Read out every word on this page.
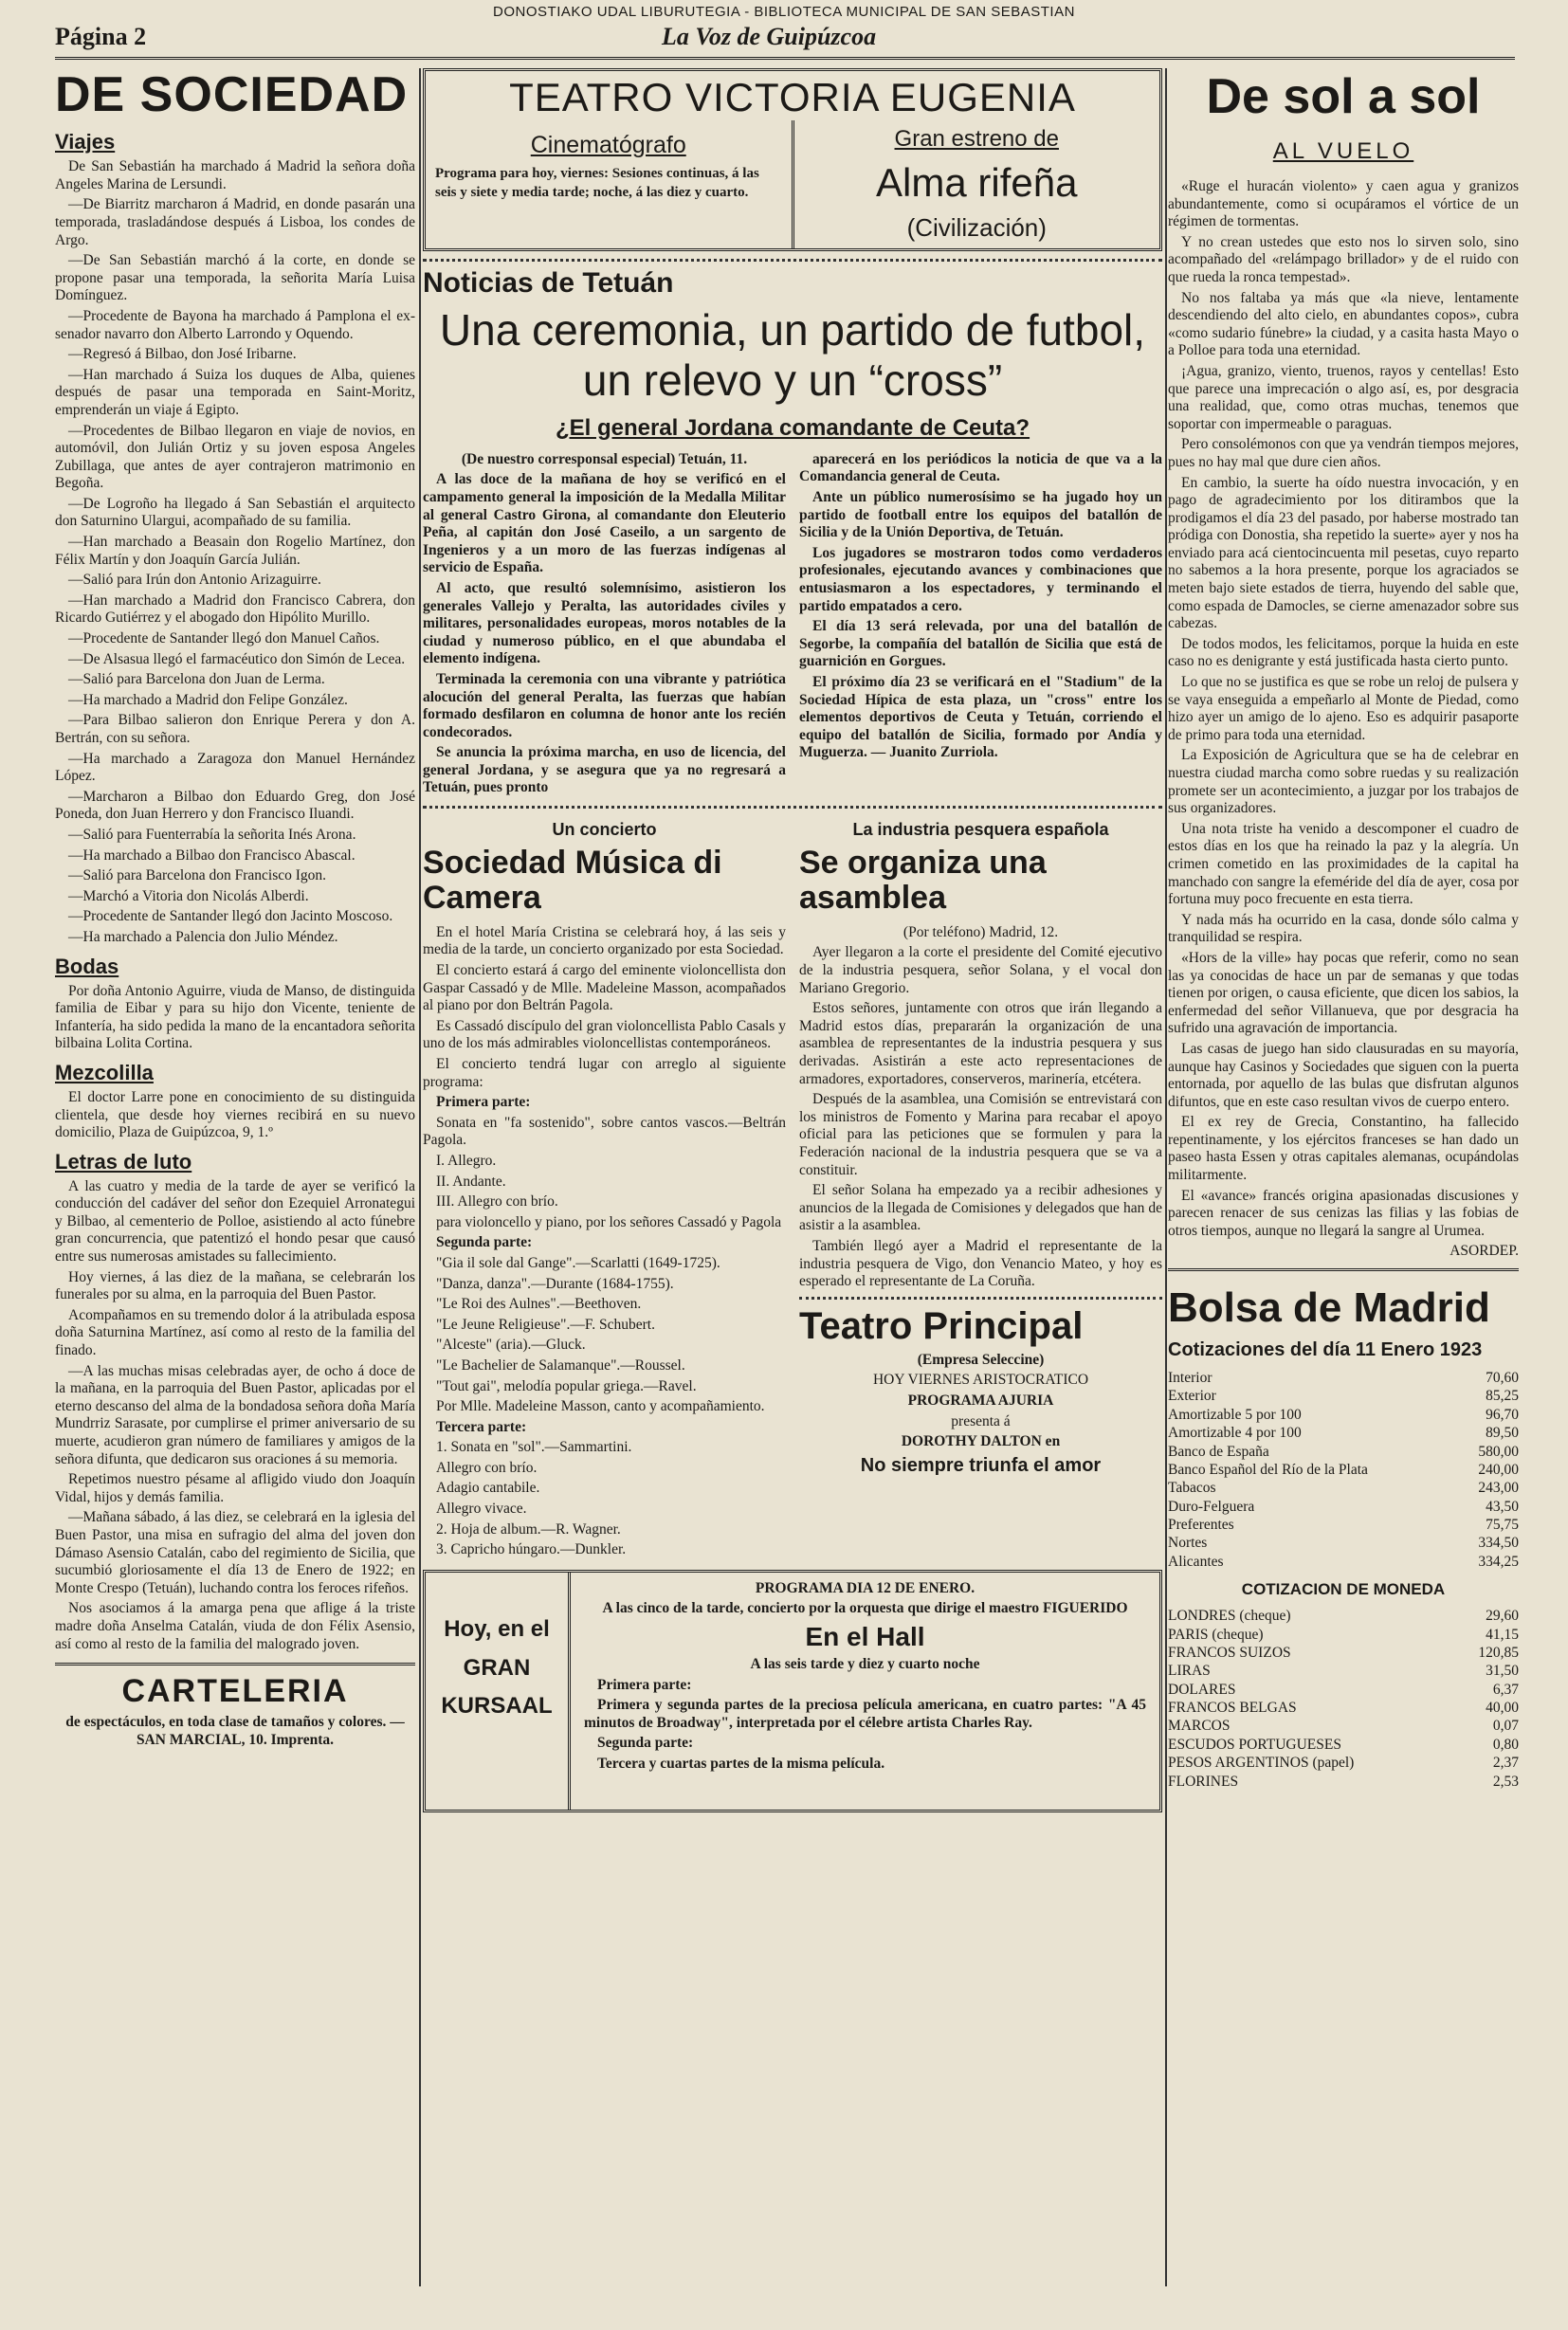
DONOSTIAKO UDAL LIBURUTEGIA - BIBLIOTECA MUNICIPAL DE SAN SEBASTIAN
Página 2	La Voz de Guipúzcoa
DE SOCIEDAD
Viajes

De San Sebastián ha marchado á Madrid la señora doña Angeles Marina de Lersundi.

—De Biarritz marcharon á Madrid, en donde pasarán una temporada, trasladándose después á Lisboa, los condes de Argo.

—De San Sebastián marchó á la corte, en donde se propone pasar una temporada, la señorita María Luisa Domínguez.

—Procedente de Bayona ha marchado á Pamplona el ex-senador navarro don Alberto Larrondo y Oquendo.

—Regresó á Bilbao, don José Iribarne.

—Han marchado á Suiza los duques de Alba, quienes después de pasar una temporada en Saint-Moritz, emprenderán un viaje á Egipto.

—Procedentes de Bilbao llegaron en viaje de novios, en automóvil, don Julián Ortiz y su joven esposa Angeles Zubillaga, que antes de ayer contrajeron matrimonio en Begoña.

—De Logroño ha llegado á San Sebastián el arquitecto don Saturnino Ulargui, acompañado de su familia.

—Han marchado a Beasain don Rogelio Martínez, don Félix Martín y don Joaquín García Julián.

—Salió para Irún don Antonio Arizaguirre.

—Han marchado a Madrid don Francisco Cabrera, don Ricardo Gutiérrez y el abogado don Hipólito Murillo.

—Procedente de Santander llegó don Manuel Caños.

—De Alsasua llegó el farmacéutico don Simón de Lecea.

—Salió para Barcelona don Juan de Lerma.

—Ha marchado a Madrid don Felipe González.

—Para Bilbao salieron don Enrique Perera y don A. Bertrán, con su señora.

—Ha marchado a Zaragoza don Manuel Hernández López.

—Marcharon a Bilbao don Eduardo Greg, don José Poneda, don Juan Herrero y don Francisco Iluandi.

—Salió para Fuenterrabía la señorita Inés Arona.

—Ha marchado a Bilbao don Francisco Abascal.

—Salió para Barcelona don Francisco Igon.

—Marchó a Vitoria don Nicolás Alberdi.

—Procedente de Santander llegó don Jacinto Moscoso.

—Ha marchado a Palencia don Julio Méndez.

Bodas

Por doña Antonio Aguirre, viuda de Manso, de distinguida familia de Eibar y para su hijo don Vicente, teniente de Infantería, ha sido pedida la mano de la encantadora señorita bilbaina Lolita Cortina.

Mezcolilla

El doctor Larre pone en conocimiento de su distinguida clientela, que desde hoy viernes recibirá en su nuevo domicilio, Plaza de Guipúzcoa, 9, 1.º

Letras de luto

A las cuatro y media de la tarde de ayer se verificó la conducción del cadáver del señor don Ezequiel Arronategui y Bilbao, al cementerio de Polloe, asistiendo al acto fúnebre gran concurrencia, que patentizó el hondo pesar que causó entre sus numerosas amistades su fallecimiento.

Hoy viernes, á las diez de la mañana, se celebrarán los funerales por su alma, en la parroquia del Buen Pastor.

Acompañamos en su tremendo dolor á la atribulada esposa doña Saturnina Martínez, así como al resto de la familia del finado.

—A las muchas misas celebradas ayer, de ocho á doce de la mañana, en la parroquia del Buen Pastor, aplicadas por el eterno descanso del alma de la bondadosa señora doña María Mundrriz Sarasate, por cumplirse el primer aniversario de su muerte, acudieron gran número de familiares y amigos de la señora difunta, que dedicaron sus oraciones á su memoria.

Repetimos nuestro pésame al afligido viudo don Joaquín Vidal, hijos y demás familia.

—Mañana sábado, á las diez, se celebrará en la iglesia del Buen Pastor, una misa en sufragio del alma del joven don Dámaso Asensio Catalán, cabo del regimiento de Sicilia, que sucumbió gloriosamente el día 13 de Enero de 1922; en Monte Crespo (Tetuán), luchando contra los feroces rifeños.

Nos asociamos á la amarga pena que aflige á la triste madre doña Anselma Catalán, viuda de don Félix Asensio, así como al resto de la familia del malogrado joven.

CARTELERIA

de espectáculos, en toda clase de tamaños y colores. — SAN MARCIAL, 10. Imprenta.

TEATRO VICTORIA EUGENIA
Cinematógrafo
Programa para hoy, viernes: Sesiones continuas, á las seis y siete y media tarde; noche, á las diez y cuarto.
Gran estreno de
Alma rifeña
(Civilización)
Noticias de Tetuán
Una ceremonia, un partido de futbol, un relevo y un “cross”
¿El general Jordana comandante de Ceuta?

(De nuestro corresponsal especial) Tetuán, 11.

A las doce de la mañana de hoy se verificó en el campamento general la imposición de la Medalla Militar al general Castro Girona, al comandante don Eleuterio Peña, al capitán don José Caseilo, a un sargento de Ingenieros y a un moro de las fuerzas indígenas al servicio de España.

Al acto, que resultó solemnísimo, asistieron los generales Vallejo y Peralta, las autoridades civiles y militares, personalidades europeas, moros notables de la ciudad y numeroso público, en el que abundaba el elemento indígena.

Terminada la ceremonia con una vibrante y patriótica alocución del general Peralta, las fuerzas que habían formado desfilaron en columna de honor ante los recién condecorados.

Se anuncia la próxima marcha, en uso de licencia, del general Jordana, y se asegura que ya no regresará a Tetuán, pues pronto

aparecerá en los periódicos la noticia de que va a la Comandancia general de Ceuta.

Ante un público numerosísimo se ha jugado hoy un partido de football entre los equipos del batallón de Sicilia y de la Unión Deportiva, de Tetuán.

Los jugadores se mostraron todos como verdaderos profesionales, ejecutando avances y combinaciones que entusiasmaron a los espectadores, y terminando el partido empatados a cero.

El día 13 será relevada, por una del batallón de Segorbe, la compañía del batallón de Sicilia que está de guarnición en Gorgues.

El próximo día 23 se verificará en el "Stadium" de la Sociedad Hípica de esta plaza, un "cross" entre los elementos deportivos de Ceuta y Tetuán, corriendo el equipo del batallón de Sicilia, formado por Andía y Muguerza. — Juanito Zurriola.

Un concierto
Sociedad Música di Camera

En el hotel María Cristina se celebrará hoy, á las seis y media de la tarde, un concierto organizado por esta Sociedad.

El concierto estará á cargo del eminente violoncellista don Gaspar Cassadó y de Mlle. Madeleine Masson, acompañados al piano por don Beltrán Pagola.

Es Cassadó discípulo del gran violoncellista Pablo Casals y uno de los más admirables violoncellistas contemporáneos.

El concierto tendrá lugar con arreglo al siguiente programa:

Primera parte:

Sonata en "fa sostenido", sobre cantos vascos.—Beltrán Pagola.

I. Allegro.

II. Andante.

III. Allegro con brío.

para violoncello y piano, por los señores Cassadó y Pagola

Segunda parte:

"Gia il sole dal Gange".—Scarlatti (1649-1725).

"Danza, danza".—Durante (1684-1755).

"Le Roi des Aulnes".—Beethoven.

"Le Jeune Religieuse".—F. Schubert.

"Alceste" (aria).—Gluck.

"Le Bachelier de Salamanque".—Roussel.

"Tout gai", melodía popular griega.—Ravel.

Por Mlle. Madeleine Masson, canto y acompañamiento.

Tercera parte:

1. Sonata en "sol".—Sammartini.

Allegro con brío.

Adagio cantabile.

Allegro vivace.

2. Hoja de album.—R. Wagner.

3. Capricho húngaro.—Dunkler.

La industria pesquera española
Se organiza una asamblea

(Por teléfono) Madrid, 12.

Ayer llegaron a la corte el presidente del Comité ejecutivo de la industria pesquera, señor Solana, y el vocal don Mariano Gregorio.

Estos señores, juntamente con otros que irán llegando a Madrid estos días, prepararán la organización de una asamblea de representantes de la industria pesquera y sus derivadas. Asistirán a este acto representaciones de armadores, exportadores, conserveros, marinería, etcétera.

Después de la asamblea, una Comisión se entrevistará con los ministros de Fomento y Marina para recabar el apoyo oficial para las peticiones que se formulen y para la Federación nacional de la industria pesquera que se va a constituir.

El señor Solana ha empezado ya a recibir adhesiones y anuncios de la llegada de Comisiones y delegados que han de asistir a la asamblea.

También llegó ayer a Madrid el representante de la industria pesquera de Vigo, don Venancio Mateo, y hoy es esperado el representante de La Coruña.

Teatro Principal

(Empresa Seleccine)

HOY VIERNES ARISTOCRATICO

PROGRAMA AJURIA

presenta á

DOROTHY DALTON en

No siempre triunfa el amor

Hoy, en el
GRAN
KURSAAL

PROGRAMA DIA 12 DE ENERO.

A las cinco de la tarde, concierto por la orquesta que dirige el maestro FIGUERIDO

En el Hall

A las seis tarde y diez y cuarto noche

Primera parte:

Primera y segunda partes de la preciosa película americana, en cuatro partes: "A 45 minutos de Broadway", interpretada por el célebre artista Charles Ray.

Segunda parte:

Tercera y cuartas partes de la misma película.

De sol a sol
AL VUELO

«Ruge el huracán violento» y caen agua y granizos abundantemente, como si ocupáramos el vórtice de un régimen de tormentas.

Y no crean ustedes que esto nos lo sirven solo, sino acompañado del «relámpago brillador» y de el ruido con que rueda la ronca tempestad».

No nos faltaba ya más que «la nieve, lentamente descendiendo del alto cielo, en abundantes copos», cubra «como sudario fúnebre» la ciudad, y a casita hasta Mayo o a Polloe para toda una eternidad.

¡Agua, granizo, viento, truenos, rayos y centellas! Esto que parece una imprecación o algo así, es, por desgracia una realidad, que, como otras muchas, tenemos que soportar con impermeable o paraguas.

Pero consolémonos con que ya vendrán tiempos mejores, pues no hay mal que dure cien años.

En cambio, la suerte ha oído nuestra invocación, y en pago de agradecimiento por los ditirambos que la prodigamos el día 23 del pasado, por haberse mostrado tan pródiga con Donostia, sha repetido la suerte» ayer y nos ha enviado para acá cientocincuenta mil pesetas, cuyo reparto no sabemos a la hora presente, porque los agraciados se meten bajo siete estados de tierra, huyendo del sable que, como espada de Damocles, se cierne amenazador sobre sus cabezas.

De todos modos, les felicitamos, porque la huida en este caso no es denigrante y está justificada hasta cierto punto.

Lo que no se justifica es que se robe un reloj de pulsera y se vaya enseguida a empeñarlo al Monte de Piedad, como hizo ayer un amigo de lo ajeno. Eso es adquirir pasaporte de primo para toda una eternidad.

La Exposición de Agricultura que se ha de celebrar en nuestra ciudad marcha como sobre ruedas y su realización promete ser un acontecimiento, a juzgar por los trabajos de sus organizadores.

Una nota triste ha venido a descomponer el cuadro de estos días en los que ha reinado la paz y la alegría. Un crimen cometido en las proximidades de la capital ha manchado con sangre la efeméride del día de ayer, cosa por fortuna muy poco frecuente en esta tierra.

Y nada más ha ocurrido en la casa, donde sólo calma y tranquilidad se respira.

«Hors de la ville» hay pocas que referir, como no sean las ya conocidas de hace un par de semanas y que todas tienen por origen, o causa eficiente, que dicen los sabios, la enfermedad del señor Villanueva, que por desgracia ha sufrido una agravación de importancia.

Las casas de juego han sido clausuradas en su mayoría, aunque hay Casinos y Sociedades que siguen con la puerta entornada, por aquello de las bulas que disfrutan algunos difuntos, que en este caso resultan vivos de cuerpo entero.

El ex rey de Grecia, Constantino, ha fallecido repentinamente, y los ejércitos franceses se han dado un paseo hasta Essen y otras capitales alemanas, ocupándolas militarmente.

El «avance» francés origina apasionadas discusiones y parecen renacer de sus cenizas las filias y las fobias de otros tiempos, aunque no llegará la sangre al Urumea.

ASORDEP.

Bolsa de Madrid
Cotizaciones del día 11 Enero 1923
Interior	70,60
Exterior	85,25
Amortizable 5 por 100	96,70
Amortizable 4 por 100	89,50
Banco de España	580,00
Banco Español del Río de la Plata	240,00
Tabacos	243,00
Duro-Felguera	43,50
Preferentes	75,75
Nortes	334,50
Alicantes	334,25
COTIZACION DE MONEDA
LONDRES (cheque)	29,60
PARIS (cheque)	41,15
FRANCOS SUIZOS	120,85
LIRAS	31,50
DOLARES	6,37
FRANCOS BELGAS	40,00
MARCOS	0,07
ESCUDOS PORTUGUESES	0,80
PESOS ARGENTINOS (papel)	2,37
FLORINES	2,53
